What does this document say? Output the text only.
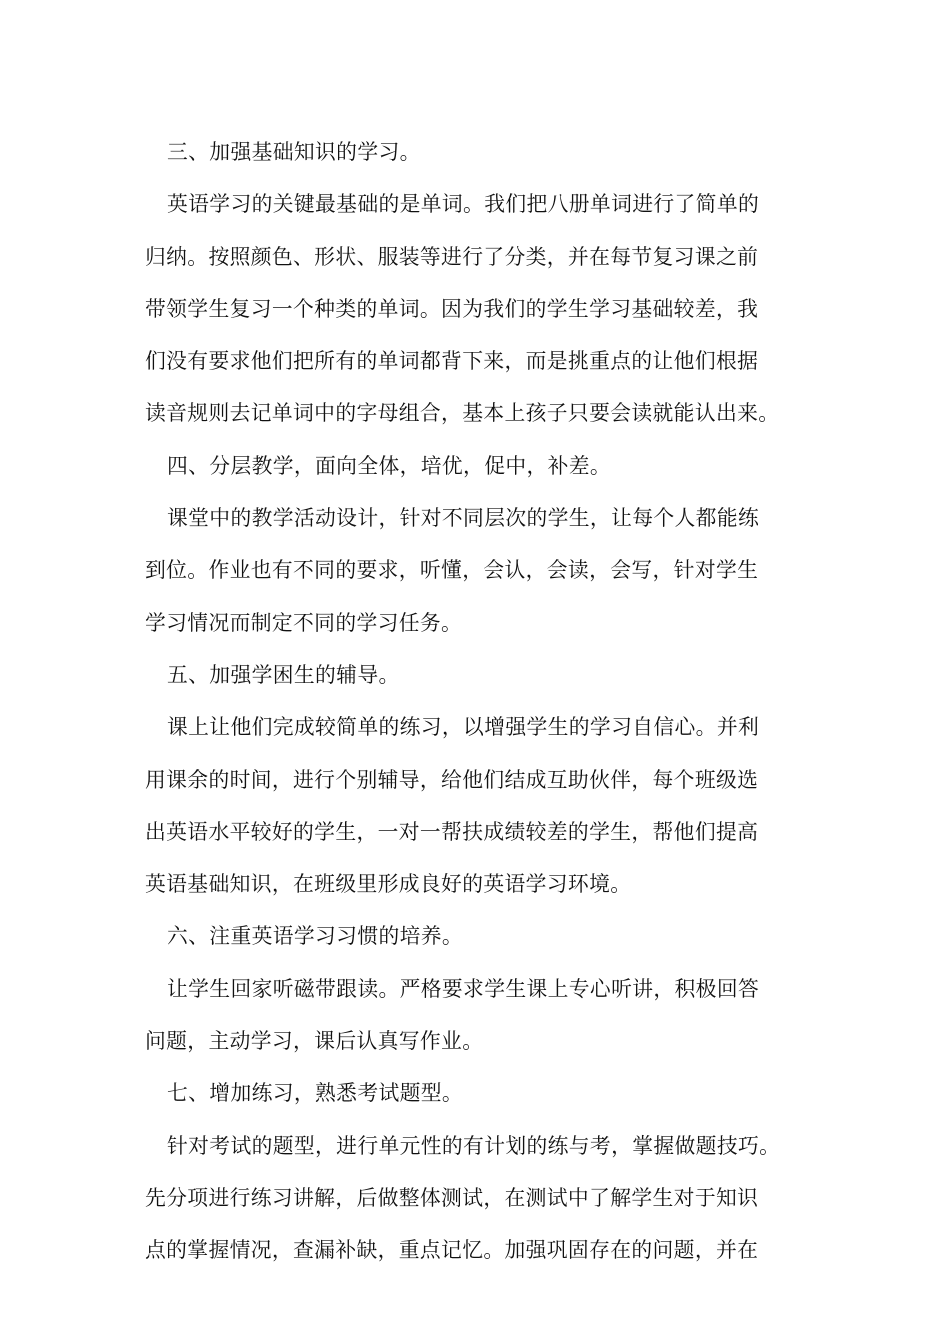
三、加强基础知识的学习。
英语学习的关键最基础的是单词。我们把八册单词进行了简单的
归纳。按照颜色、形状、服装等进行了分类，并在每节复习课之前
带领学生复习一个种类的单词。因为我们的学生学习基础较差，我
们没有要求他们把所有的单词都背下来，而是挑重点的让他们根据
读音规则去记单词中的字母组合，基本上孩子只要会读就能认出来。
四、分层教学，面向全体，培优，促中，补差。
课堂中的教学活动设计，针对不同层次的学生，让每个人都能练
到位。作业也有不同的要求，听懂，会认，会读，会写，针对学生
学习情况而制定不同的学习任务。
五、加强学困生的辅导。
课上让他们完成较简单的练习，以增强学生的学习自信心。并利
用课余的时间，进行个别辅导，给他们结成互助伙伴，每个班级选
出英语水平较好的学生，一对一帮扶成绩较差的学生，帮他们提高
英语基础知识，在班级里形成良好的英语学习环境。
六、注重英语学习习惯的培养。
让学生回家听磁带跟读。严格要求学生课上专心听讲，积极回答
问题，主动学习，课后认真写作业。
七、增加练习，熟悉考试题型。
针对考试的题型，进行单元性的有计划的练与考，掌握做题技巧。
先分项进行练习讲解，后做整体测试，在测试中了解学生对于知识
点的掌握情况，查漏补缺，重点记忆。加强巩固存在的问题，并在
